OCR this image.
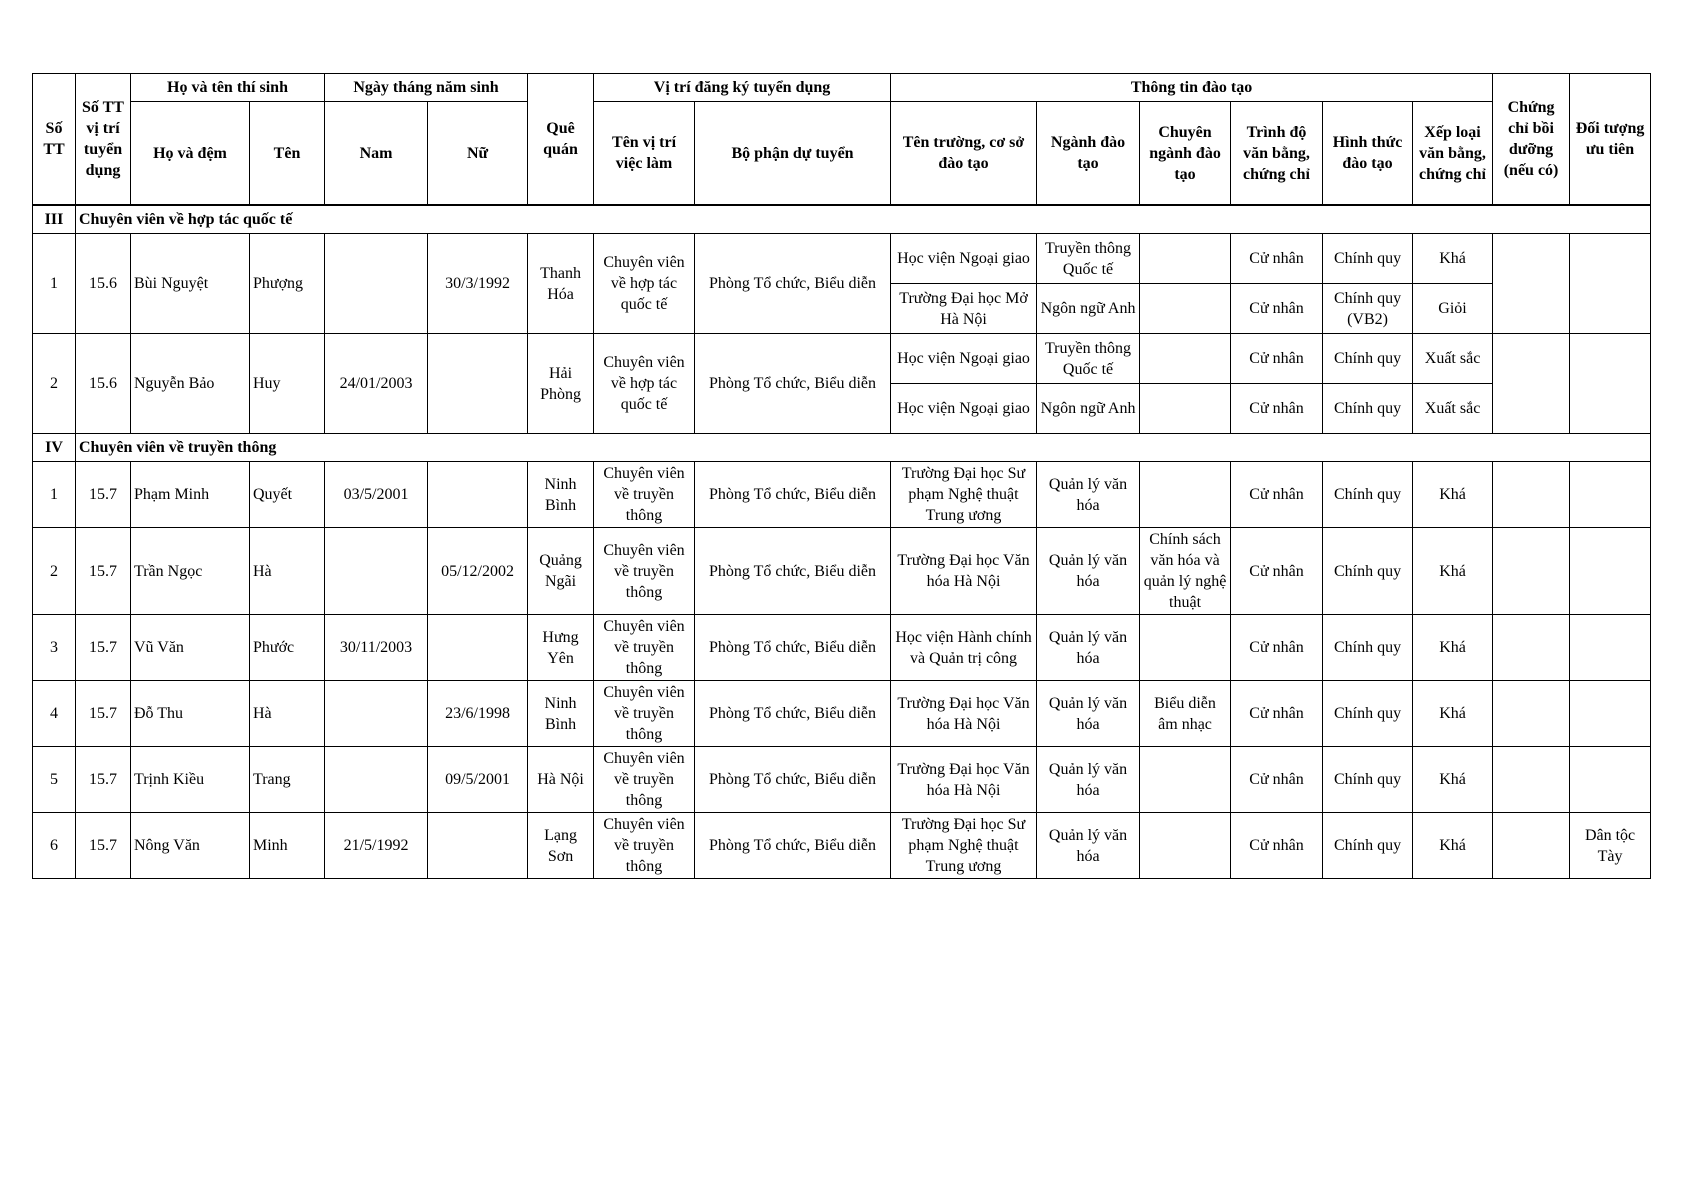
Số TT	Số TT vị trí tuyển dụng	Họ và tên thí sinh		Ngày tháng năm sinh		Quê quán	Vị trí đăng ký tuyển dụng		Thông tin đào tạo						Chứng chỉ bồi dưỡng (nếu có)	Đối tượng ưu tiên
		Họ và đệm	Tên	Nam	Nữ		Tên vị trí việc làm	Bộ phận dự tuyển	Tên trường, cơ sở đào tạo	Ngành đào tạo	Chuyên ngành đào tạo	Trình độ văn bằng, chứng chỉ	Hình thức đào tạo	Xếp loại văn bằng, chứng chỉ		
III	Chuyên viên về hợp tác quốc tế															
1	15.6	Bùi Nguyệt	Phượng		30/3/1992	Thanh Hóa	Chuyên viên về hợp tác quốc tế	Phòng Tổ chức, Biểu diễn	Học viện Ngoại giao	Truyền thông Quốc tế		Cử nhân	Chính quy	Khá		
									Trường Đại học Mở Hà Nội	Ngôn ngữ Anh		Cử nhân	Chính quy (VB2)	Giỏi		
2	15.6	Nguyễn Bảo	Huy	24/01/2003		Hải Phòng	Chuyên viên về hợp tác quốc tế	Phòng Tổ chức, Biểu diễn	Học viện Ngoại giao	Truyền thông Quốc tế		Cử nhân	Chính quy	Xuất sắc		
									Học viện Ngoại giao	Ngôn ngữ Anh		Cử nhân	Chính quy	Xuất sắc		
IV	Chuyên viên về truyền thông															
1	15.7	Phạm Minh	Quyết	03/5/2001		Ninh Bình	Chuyên viên về truyền thông	Phòng Tổ chức, Biểu diễn	Trường Đại học Sư phạm Nghệ thuật Trung ương	Quản lý văn hóa		Cử nhân	Chính quy	Khá		
2	15.7	Trần Ngọc	Hà		05/12/2002	Quảng Ngãi	Chuyên viên về truyền thông	Phòng Tổ chức, Biểu diễn	Trường Đại học Văn hóa Hà Nội	Quản lý văn hóa	Chính sách văn hóa và quản lý nghệ thuật	Cử nhân	Chính quy	Khá		
3	15.7	Vũ Văn	Phước	30/11/2003		Hưng Yên	Chuyên viên về truyền thông	Phòng Tổ chức, Biểu diễn	Học viện Hành chính và Quản trị công	Quản lý văn hóa		Cử nhân	Chính quy	Khá		
4	15.7	Đỗ Thu	Hà		23/6/1998	Ninh Bình	Chuyên viên về truyền thông	Phòng Tổ chức, Biểu diễn	Trường Đại học Văn hóa Hà Nội	Quản lý văn hóa	Biểu diễn âm nhạc	Cử nhân	Chính quy	Khá		
5	15.7	Trịnh Kiều	Trang		09/5/2001	Hà Nội	Chuyên viên về truyền thông	Phòng Tổ chức, Biểu diễn	Trường Đại học Văn hóa Hà Nội	Quản lý văn hóa		Cử nhân	Chính quy	Khá		
6	15.7	Nông Văn	Minh	21/5/1992		Lạng Sơn	Chuyên viên về truyền thông	Phòng Tổ chức, Biểu diễn	Trường Đại học Sư phạm Nghệ thuật Trung ương	Quản lý văn hóa		Cử nhân	Chính quy	Khá		Dân tộc Tày
